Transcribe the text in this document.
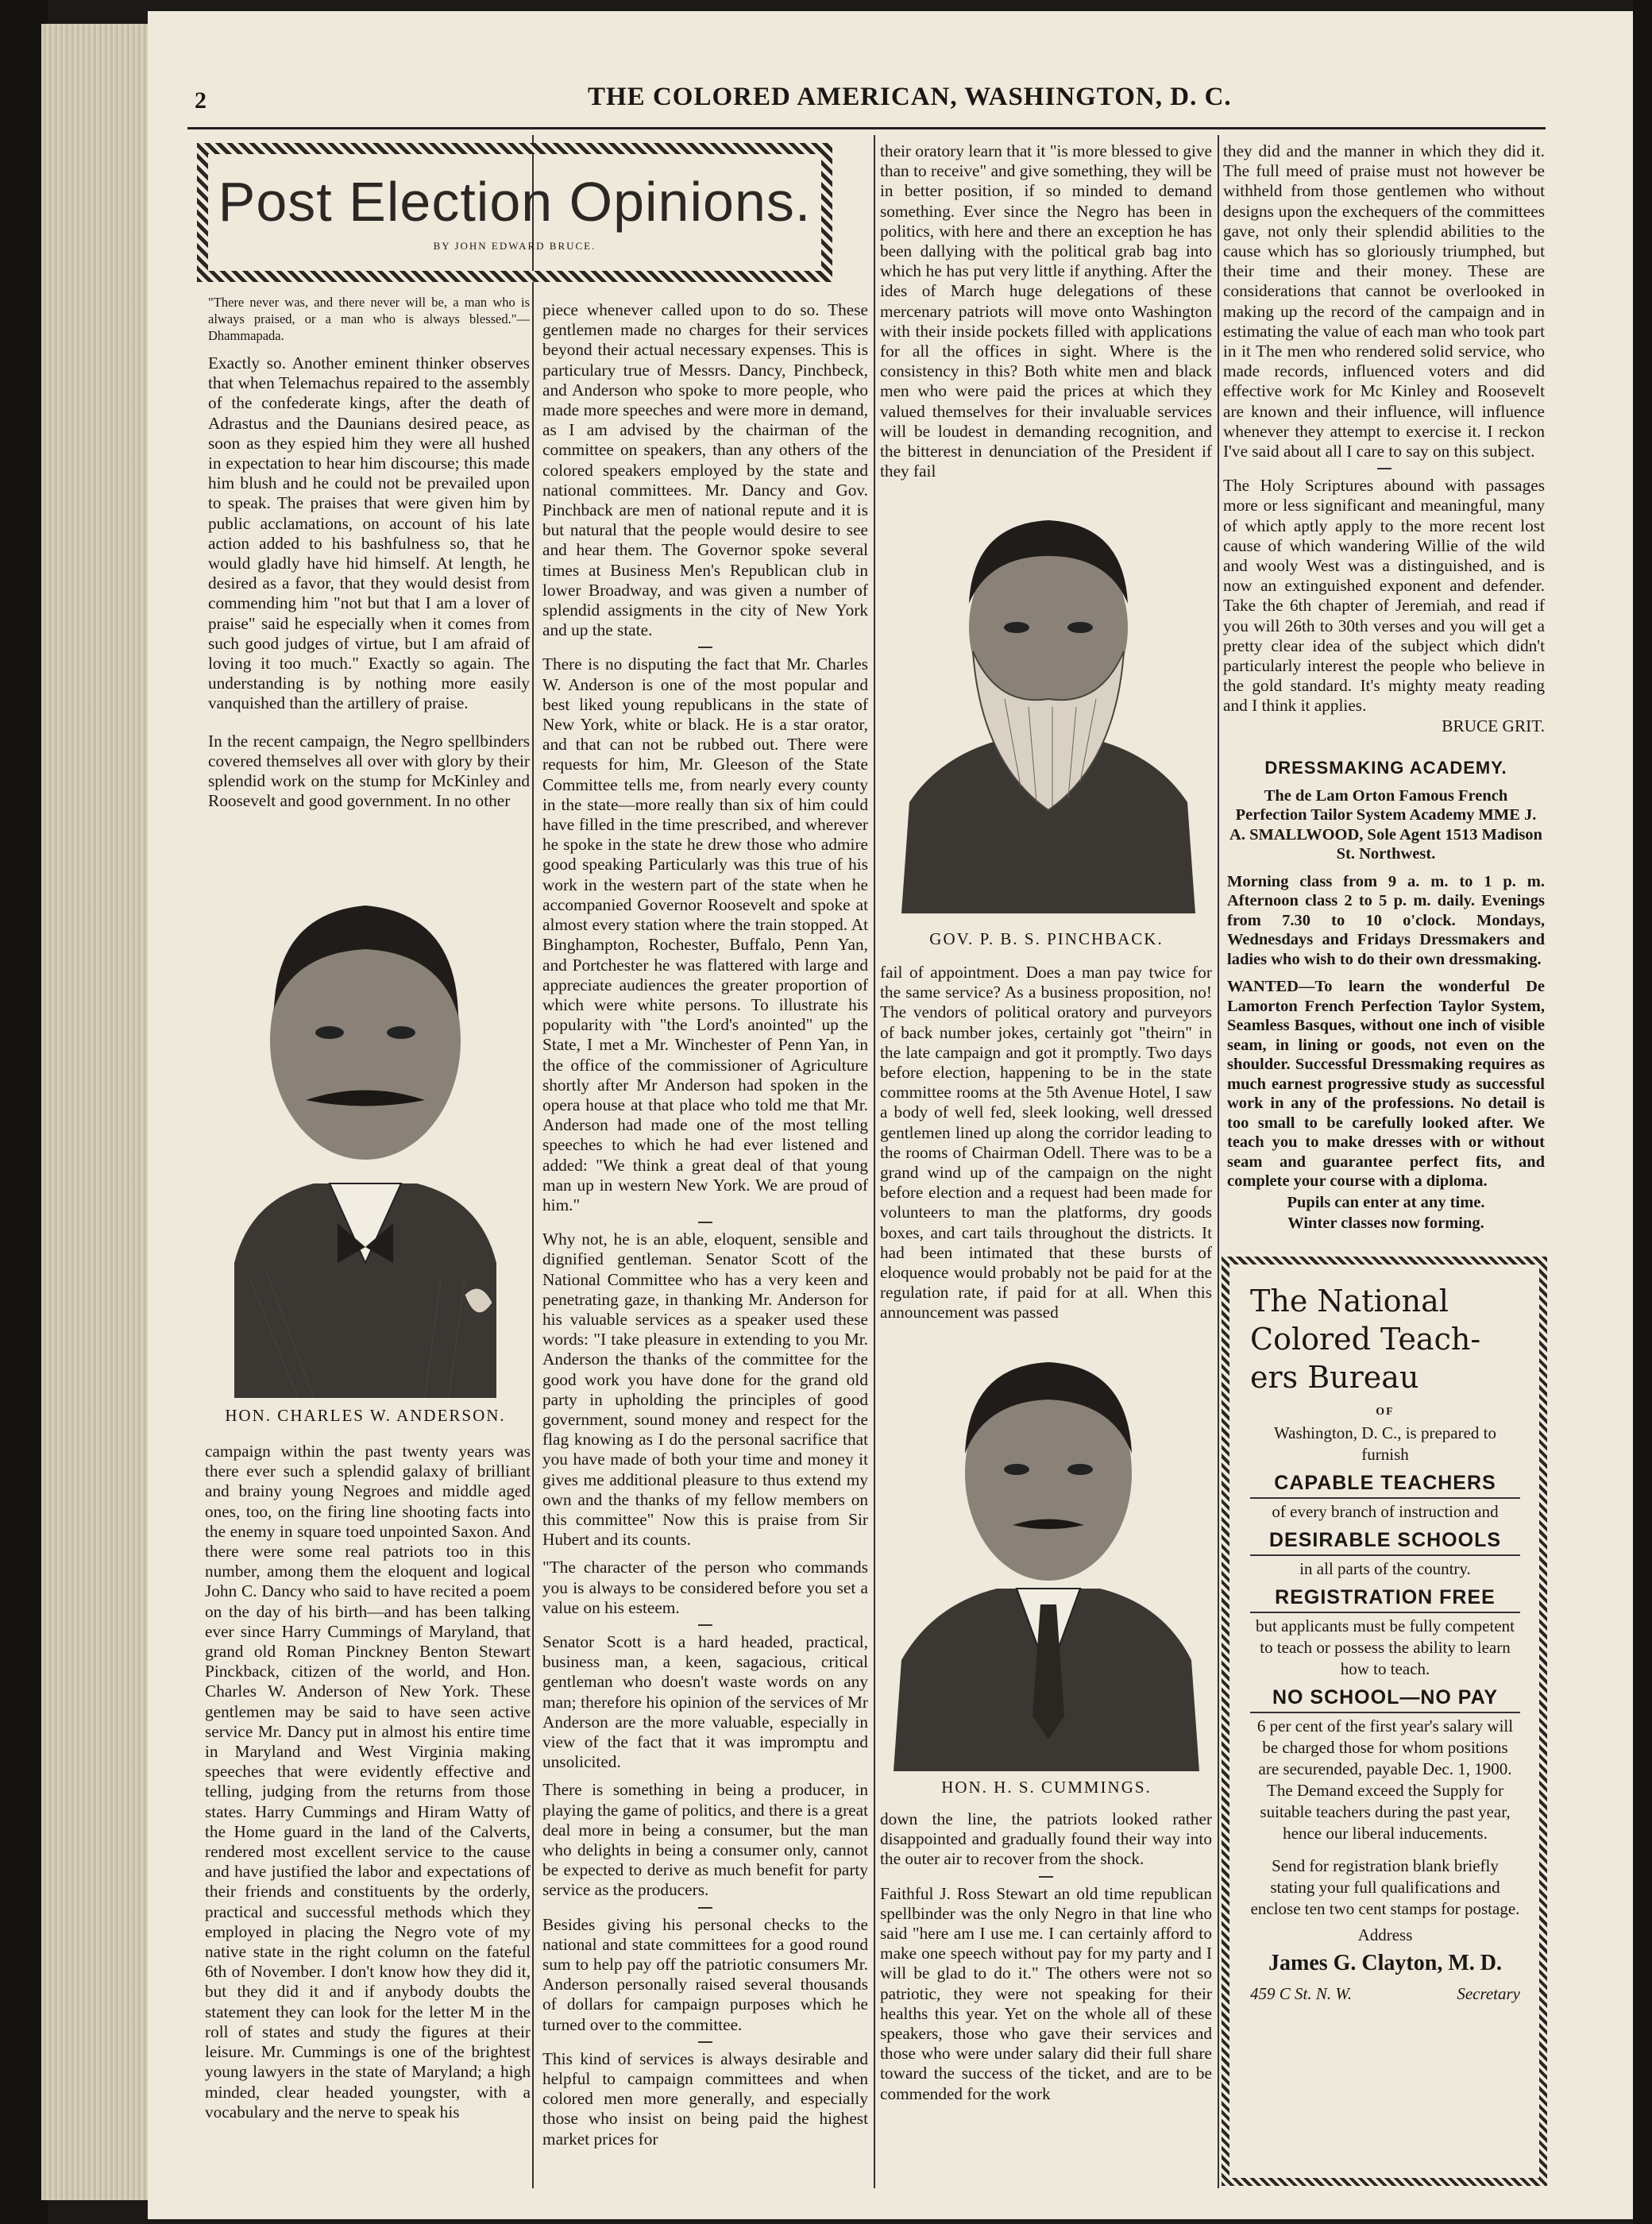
2	THE COLORED AMERICAN, WASHINGTON, D. C.
Post Election Opinions.
BY JOHN EDWARD BRUCE.
"There never was, and there never will be, a man who is always praised, or a man who is always blessed."—Dhammapada.

Exactly so. Another eminent thinker observes that when Telemachus repaired to the assembly of the confederate kings, after the death of Adrastus and the Daunians desired peace, as soon as they espied him they were all hushed in expectation to hear him discourse; this made him blush and he could not be prevailed upon to speak. The praises that were given him by public acclamations, on account of his late action added to his bashfulness so, that he would gladly have hid himself. At length, he desired as a favor, that they would desist from commending him "not but that I am a lover of praise" said he especially when it comes from such good judges of virtue, but I am afraid of loving it too much." Exactly so again. The understanding is by nothing more easily vanquished than the artillery of praise.

In the recent campaign, the Negro spellbinders covered themselves all over with glory by their splendid work on the stump for McKinley and Roosevelt and good government. In no other

HON. CHARLES W. ANDERSON.

campaign within the past twenty years was there ever such a splendid galaxy of brilliant and brainy young Negroes and middle aged ones, too, on the firing line shooting facts into the enemy in square toed unpointed Saxon. And there were some real patriots too in this number, among them the eloquent and logical John C. Dancy who said to have recited a poem on the day of his birth—and has been talking ever since Harry Cummings of Maryland, that grand old Roman Pinckney Benton Stewart Pinckback, citizen of the world, and Hon. Charles W. Anderson of New York. These gentlemen may be said to have seen active service Mr. Dancy put in almost his entire time in Maryland and West Virginia making speeches that were evidently effective and telling, judging from the returns from those states. Harry Cummings and Hiram Watty of the Home guard in the land of the Calverts, rendered most excellent service to the cause and have justified the labor and expectations of their friends and constituents by the orderly, practical and successful methods which they employed in placing the Negro vote of my native state in the right column on the fateful 6th of November. I don't know how they did it, but they did it and if anybody doubts the statement they can look for the letter M in the roll of states and study the figures at their leisure. Mr. Cummings is one of the brightest young lawyers in the state of Maryland; a high minded, clear headed youngster, with a vocabulary and the nerve to speak his

piece whenever called upon to do so. These gentlemen made no charges for their services beyond their actual necessary expenses. This is particulary true of Messrs. Dancy, Pinchbeck, and Anderson who spoke to more people, who made more speeches and were more in demand, as I am advised by the chairman of the committee on speakers, than any others of the colored speakers employed by the state and national committees. Mr. Dancy and Gov. Pinchback are men of national repute and it is but natural that the people would desire to see and hear them. The Governor spoke several times at Business Men's Republican club in lower Broadway, and was given a number of splendid assigments in the city of New York and up the state.

There is no disputing the fact that Mr. Charles W. Anderson is one of the most popular and best liked young republicans in the state of New York, white or black. He is a star orator, and that can not be rubbed out. There were requests for him, Mr. Gleeson of the State Committee tells me, from nearly every county in the state—more really than six of him could have filled in the time prescribed, and wherever he spoke in the state he drew those who admire good speaking Particularly was this true of his work in the western part of the state when he accompanied Governor Roosevelt and spoke at almost every station where the train stopped. At Binghampton, Rochester, Buffalo, Penn Yan, and Portchester he was flattered with large and appreciate audiences the greater proportion of which were white persons. To illustrate his popularity with "the Lord's anointed" up the State, I met a Mr. Winchester of Penn Yan, in the office of the commissioner of Agriculture shortly after Mr Anderson had spoken in the opera house at that place who told me that Mr. Anderson had made one of the most telling speeches to which he had ever listened and added: "We think a great deal of that young man up in western New York. We are proud of him."

Why not, he is an able, eloquent, sensible and dignified gentleman. Senator Scott of the National Committee who has a very keen and penetrating gaze, in thanking Mr. Anderson for his valuable services as a speaker used these words: "I take pleasure in extending to you Mr. Anderson the thanks of the committee for the good work you have done for the grand old party in upholding the principles of good government, sound money and respect for the flag knowing as I do the personal sacrifice that you have made of both your time and money it gives me additional pleasure to thus extend my own and the thanks of my fellow members on this committee" Now this is praise from Sir Hubert and its counts.

"The character of the person who commands you is always to be considered before you set a value on his esteem.

Senator Scott is a hard headed, practical, business man, a keen, sagacious, critical gentleman who doesn't waste words on any man; therefore his opinion of the services of Mr Anderson are the more valuable, especially in view of the fact that it was impromptu and unsolicited.

There is something in being a producer, in playing the game of politics, and there is a great deal more in being a consumer, but the man who delights in being a consumer only, cannot be expected to derive as much benefit for party service as the producers.

Besides giving his personal checks to the national and state committees for a good round sum to help pay off the patriotic consumers Mr. Anderson personally raised several thousands of dollars for campaign purposes which he turned over to the committee.

This kind of services is always desirable and helpful to campaign committees and when colored men more generally, and especially those who insist on being paid the highest market prices for

their oratory learn that it "is more blessed to give than to receive" and give something, they will be in better position, if so minded to demand something. Ever since the Negro has been in politics, with here and there an exception he has been dallying with the political grab bag into which he has put very little if anything. After the ides of March huge delegations of these mercenary patriots will move onto Washington with their inside pockets filled with applications for all the offices in sight. Where is the consistency in this? Both white men and black men who were paid the prices at which they valued themselves for their invaluable services will be loudest in demanding recognition, and the bitterest in denunciation of the President if they fail

GOV. P. B. S. PINCHBACK.

fail of appointment. Does a man pay twice for the same service? As a business proposition, no! The vendors of political oratory and purveyors of back number jokes, certainly got "theirn" in the late campaign and got it promptly. Two days before election, happening to be in the state committee rooms at the 5th Avenue Hotel, I saw a body of well fed, sleek looking, well dressed gentlemen lined up along the corridor leading to the rooms of Chairman Odell. There was to be a grand wind up of the campaign on the night before election and a request had been made for volunteers to man the platforms, dry goods boxes, and cart tails throughout the districts. It had been intimated that these bursts of eloquence would probably not be paid for at the regulation rate, if paid for at all. When this announcement was passed

HON. H. S. CUMMINGS.

down the line, the patriots looked rather disappointed and gradually found their way into the outer air to recover from the shock.

Faithful J. Ross Stewart an old time republican spellbinder was the only Negro in that line who said "here am I use me. I can certainly afford to make one speech without pay for my party and I will be glad to do it." The others were not so patriotic, they were not speaking for their healths this year. Yet on the whole all of these speakers, those who gave their services and those who were under salary did their full share toward the success of the ticket, and are to be commended for the work

they did and the manner in which they did it. The full meed of praise must not however be withheld from those gentlemen who without designs upon the exchequers of the committees gave, not only their splendid abilities to the cause which has so gloriously triumphed, but their time and their money. These are considerations that cannot be overlooked in making up the record of the campaign and in estimating the value of each man who took part in it The men who rendered solid service, who made records, influenced voters and did effective work for Mc Kinley and Roosevelt are known and their influence, will influence whenever they attempt to exercise it. I reckon I've said about all I care to say on this subject.

The Holy Scriptures abound with passages more or less significant and meaningful, many of which aptly apply to the more recent lost cause of which wandering Willie of the wild and wooly West was a distinguished, and is now an extinguished exponent and defender. Take the 6th chapter of Jeremiah, and read if you will 26th to 30th verses and you will get a pretty clear idea of the subject which didn't particularly interest the people who believe in the gold standard. It's mighty meaty reading and I think it applies.

BRUCE GRIT.

DRESSMAKING ACADEMY.

The de Lam Orton Famous French Perfection Tailor System Academy MME J. A. SMALLWOOD, Sole Agent 1513 Madison St. Northwest.

Morning class from 9 a. m. to 1 p. m. Afternoon class 2 to 5 p. m. daily. Evenings from 7.30 to 10 o'clock. Mondays, Wednesdays and Fridays Dressmakers and ladies who wish to do their own dressmaking.

WANTED—To learn the wonderful De Lamorton French Perfection Taylor System, Seamless Basques, without one inch of visible seam, in lining or goods, not even on the shoulder. Successful Dressmaking requires as much earnest progressive study as successful work in any of the professions. No detail is too small to be carefully looked after. We teach you to make dresses with or without seam and guarantee perfect fits, and complete your course with a diploma.

Pupils can enter at any time.

Winter classes now forming.

The National
Colored Teach-
ers Bureau
OF
Washington, D. C., is prepared to furnish
CAPABLE TEACHERS
of every branch of instruction and
DESIRABLE SCHOOLS
in all parts of the country.
REGISTRATION FREE
but applicants must be fully competent to teach or possess the ability to learn how to teach.
NO SCHOOL—NO PAY
6 per cent of the first year's salary will be charged those for whom positions are securended, payable Dec. 1, 1900. The Demand exceed the Supply for suitable teachers during the past year, hence our liberal inducements.
Send for registration blank briefly stating your full qualifications and enclose ten two cent stamps for postage.
Address
James G. Clayton, M. D.
459 C St. N. W.	Secretary
